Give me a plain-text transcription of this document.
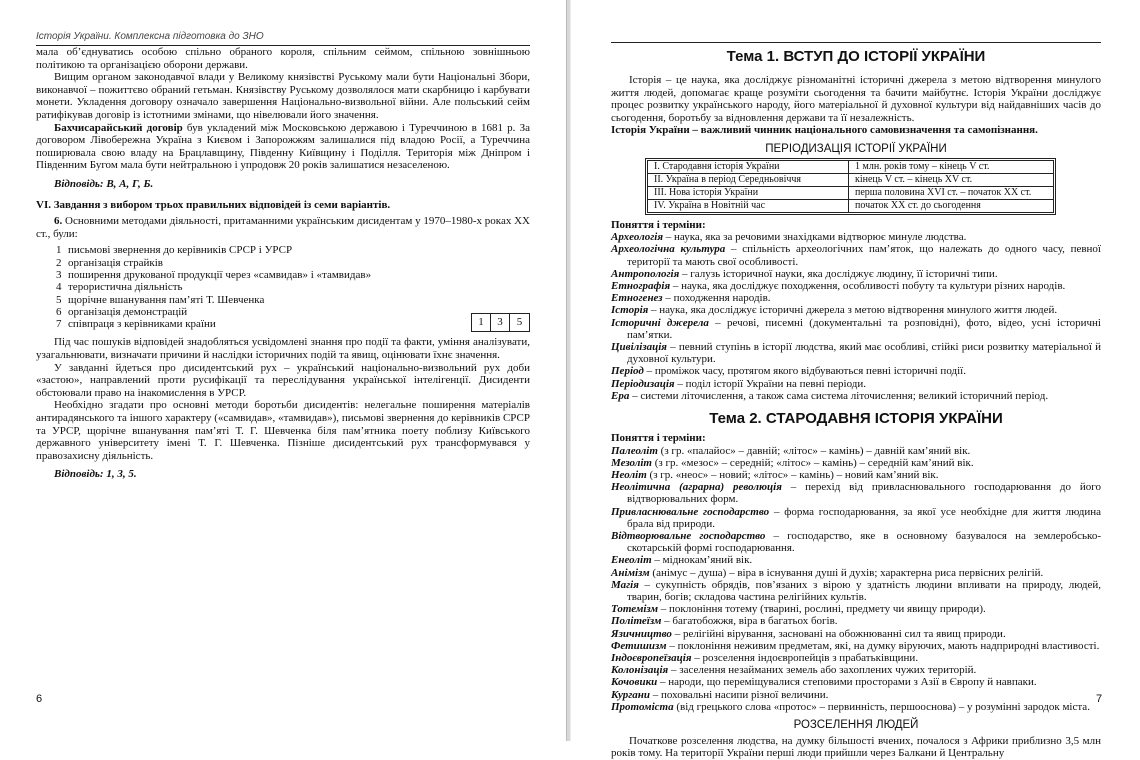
Історія України. Комплексна підготовка до ЗНО

мала об’єднуватись особою спільно обраного короля, спільним сеймом, спільною зовнішньою політикою та організацією оборони держави.

Вищим органом законодавчої влади у Великому князівстві Руському мали бути Національні Збори, виконавчої – пожиттєво обраний гетьман. Князівству Руському дозволялося мати скарбницю і карбувати монети. Укладення договору означало завершення Національно-визвольної війни. Але польський сейм ратифікував договір із істотними змінами, що нівелювали його значення.

Бахчисарайський договір був укладений між Московською державою і Туреччиною в 1681 р. За договором Лівобережна Україна з Києвом і Запорожжям залишалися під владою Росії, а Туреччина поширювала свою владу на Брацлавщину, Південну Київщину і Поділля. Територія між Дніпром і Південним Бугом мала бути нейтральною і упродовж 20 років залишатися незаселеною.

Відповідь: В, А, Г, Б.

VI. Завдання з вибором трьох правильних відповідей із семи варіантів.

6. Основними методами діяльності, притаманними українським дисидентам у 1970–1980-х роках XX ст., були:

1 письмові звернення до керівників СРСР і УРСР
2 організація страйків
3 поширення друкованої продукції через «самвидав» і «тамвидав»
4 терористична діяльність
5 щорічне вшанування пам’яті Т. Шевченка
6 організація демонстрацій
7 співпраця з керівниками країни	1	3	5

Під час пошуків відповідей знадобляться усвідомлені знання про події та факти, уміння аналізувати, узагальнювати, визначати причини й наслідки історичних подій та явищ, оцінювати їхнє значення.

У завданні йдеться про дисидентський рух – український національно-визвольний рух доби «застою», направлений проти русифікації та переслідування української інтелігенції. Дисиденти обстоювали право на інакомислення в УРСР.

Необхідно згадати про основні методи боротьби дисидентів: нелегальне поширення матеріалів антирадянського та іншого характеру («самвидав», «тамвидав»), письмові звернення до керівників СРСР та УРСР, щорічне вшанування пам’яті Т. Г. Шевченка біля пам’ятника поету поблизу Київського державного університету імені Т. Г. Шевченка. Пізніше дисидентський рух трансформувався у правозахисну діяльність.

Відповідь: 1, 3, 5.

6
Тема 1. ВСТУП ДО ІСТОРІЇ УКРАЇНИ

Історія – це наука, яка досліджує різноманітні історичні джерела з метою відтворення минулого життя людей, допомагає краще розуміти сьогодення та бачити майбутнє. Історія України досліджує процес розвитку українського народу, його матеріальної й духовної культури від найдавніших часів до сьогодення, боротьбу за відновлення держави та її незалежність.

Історія України – важливий чинник національного самовизначення та самопізнання.

ПЕРІОДИЗАЦІЯ ІСТОРІЇ УКРАЇНИ
I. Стародавня історія України	1 млн. років тому – кінець V ст.
II. Україна в період Середньовіччя	кінець V ст. – кінець XV ст.
III. Нова історія України	перша половина XVI ст. – початок XX ст.
IV. Україна в Новітній час	початок XX ст. до сьогодення
Поняття і терміни:

Археологія – наука, яка за речовими знахідками відтворює минуле людства.

Археологічна культура – спільність археологічних пам’яток, що належать до одного часу, певної території та мають свої особливості.

Антропологія – галузь історичної науки, яка досліджує людину, її історичні типи.

Етнографія – наука, яка досліджує походження, особливості побуту та культури різних народів.

Етногенез – походження народів.

Історія – наука, яка досліджує історичні джерела з метою відтворення минулого життя людей.

Історичні джерела – речові, писемні (документальні та розповідні), фото, відео, усні історичні пам’ятки.

Цивілізація – певний ступінь в історії людства, який має особливі, стійкі риси розвитку матеріальної й духовної культури.

Період – проміжок часу, протягом якого відбуваються певні історичні події.

Періодизація – поділ історії України на певні періоди.

Ера – системи літочислення, а також сама система літочислення; великий історичний період.

Тема 2. СТАРОДАВНЯ ІСТОРІЯ УКРАЇНИ
Поняття і терміни:

Палеоліт (з гр. «палайос» – давній; «літос» – камінь) – давній кам’яний вік.

Мезоліт (з гр. «мезос» – середній; «літос» – камінь) – середній кам’яний вік.

Неоліт (з гр. «неос» – новий; «літос» – камінь) – новий кам’яний вік.

Неолітична (аграрна) революція – перехід від привласнювального господарювання до його відтворювальних форм.

Привласнювальне господарство – форма господарювання, за якої усе необхідне для життя людина брала від природи.

Відтворювальне господарство – господарство, яке в основному базувалося на землеробсько-скотарській формі господарювання.

Енеоліт – міднокам’яний вік.

Анімізм (анімус – душа) – віра в існування душі й духів; характерна риса первісних релігій.

Магія – сукупність обрядів, пов’язаних з вірою у здатність людини впливати на природу, людей, тварин, богів; складова частина релігійних культів.

Тотемізм – поклоніння тотему (тварині, рослині, предмету чи явищу природи).

Політеїзм – багатобожжя, віра в багатьох богів.

Язичництво – релігійні вірування, засновані на обожнюванні сил та явищ природи.

Фетишизм – поклоніння неживим предметам, які, на думку віруючих, мають надприродні властивості.

Індоєвропеїзація – розселення індоєвропейців з прабатьківщини.

Колонізація – заселення незайманих земель або захоплених чужих територій.

Кочовики – народи, що переміщувалися степовими просторами з Азії в Європу й навпаки.

Кургани – поховальні насипи різної величини.

Протоміста (від грецького слова «протос» – первинність, першооснова) – у розумінні зародок міста.

РОЗСЕЛЕННЯ ЛЮДЕЙ

Початкове розселення людства, на думку більшості вчених, почалося з Африки приблизно 3,5 млн років тому. На території України перші люди прийшли через Балкани й Центральну

7
